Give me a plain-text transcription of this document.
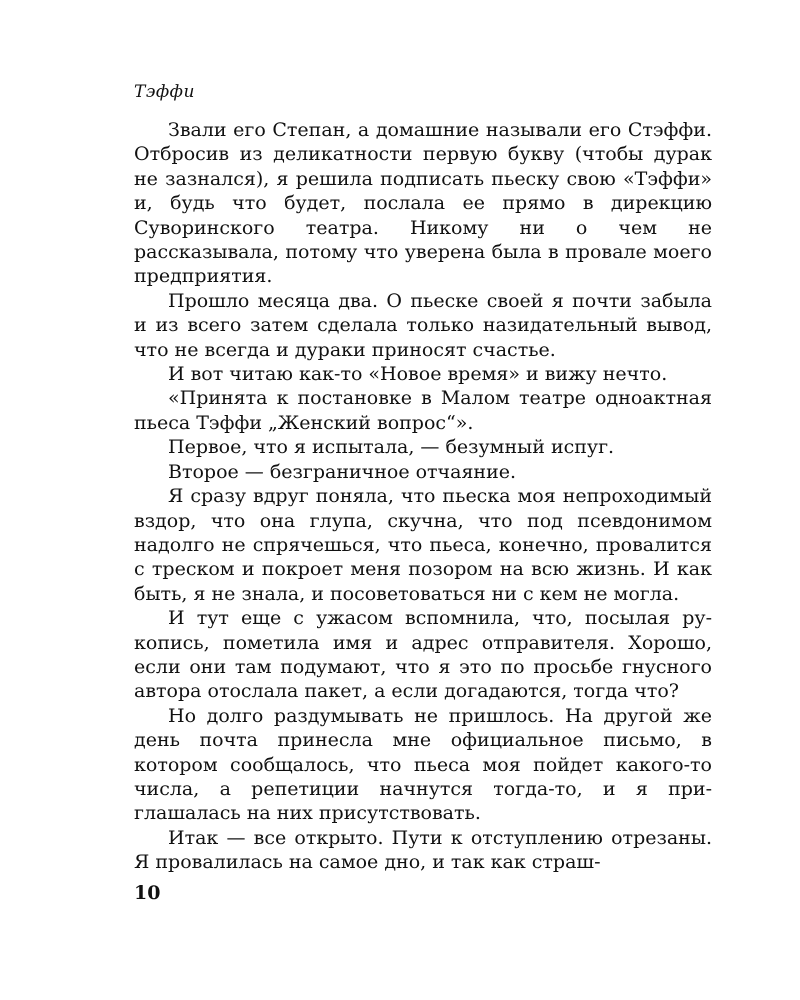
Тэффи

Звали его Степан, а домашние называли его Стэффи. Отбросив из деликатности первую букву (чтобы дурак не зазнался), я решила подписать пьеску свою «Тэффи» и, будь что будет, послала ее прямо в дирекцию Суворинского театра. Никому ни о чем не рассказывала, потому что уверена была в провале моего предприятия.

Прошло месяца два. О пьеске своей я почти забыла и из всего затем сделала только назидательный вывод, что не всегда и дураки приносят счастье.

И вот читаю как-то «Новое время» и вижу нечто.

«Принята к постановке в Малом театре одноактная пьеса Тэффи „Женский вопрос“».

Первое, что я испытала, — безумный испуг.

Второе — безграничное отчаяние.

Я сразу вдруг поняла, что пьеска моя непроходимый вздор, что она глупа, скучна, что под псевдонимом надолго не спрячешься, что пьеса, конечно, провалится с треском и покроет меня позором на всю жизнь. И как быть, я не знала, и посоветоваться ни с кем не могла.

И тут еще с ужасом вспомнила, что, посылая рукопись, пометила имя и адрес отправителя. Хорошо, если они там подумают, что я это по просьбе гнусного автора отослала пакет, а если догадаются, тогда что?

Но долго раздумывать не пришлось. На другой же день почта принесла мне официальное письмо, в котором сообщалось, что пьеса моя пойдет какого-то числа, а репетиции начнутся тогда-то, и я приглашалась на них присутствовать.

Итак — все открыто. Пути к отступлению отрезаны. Я провалилась на самое дно, и так как страш-

10
